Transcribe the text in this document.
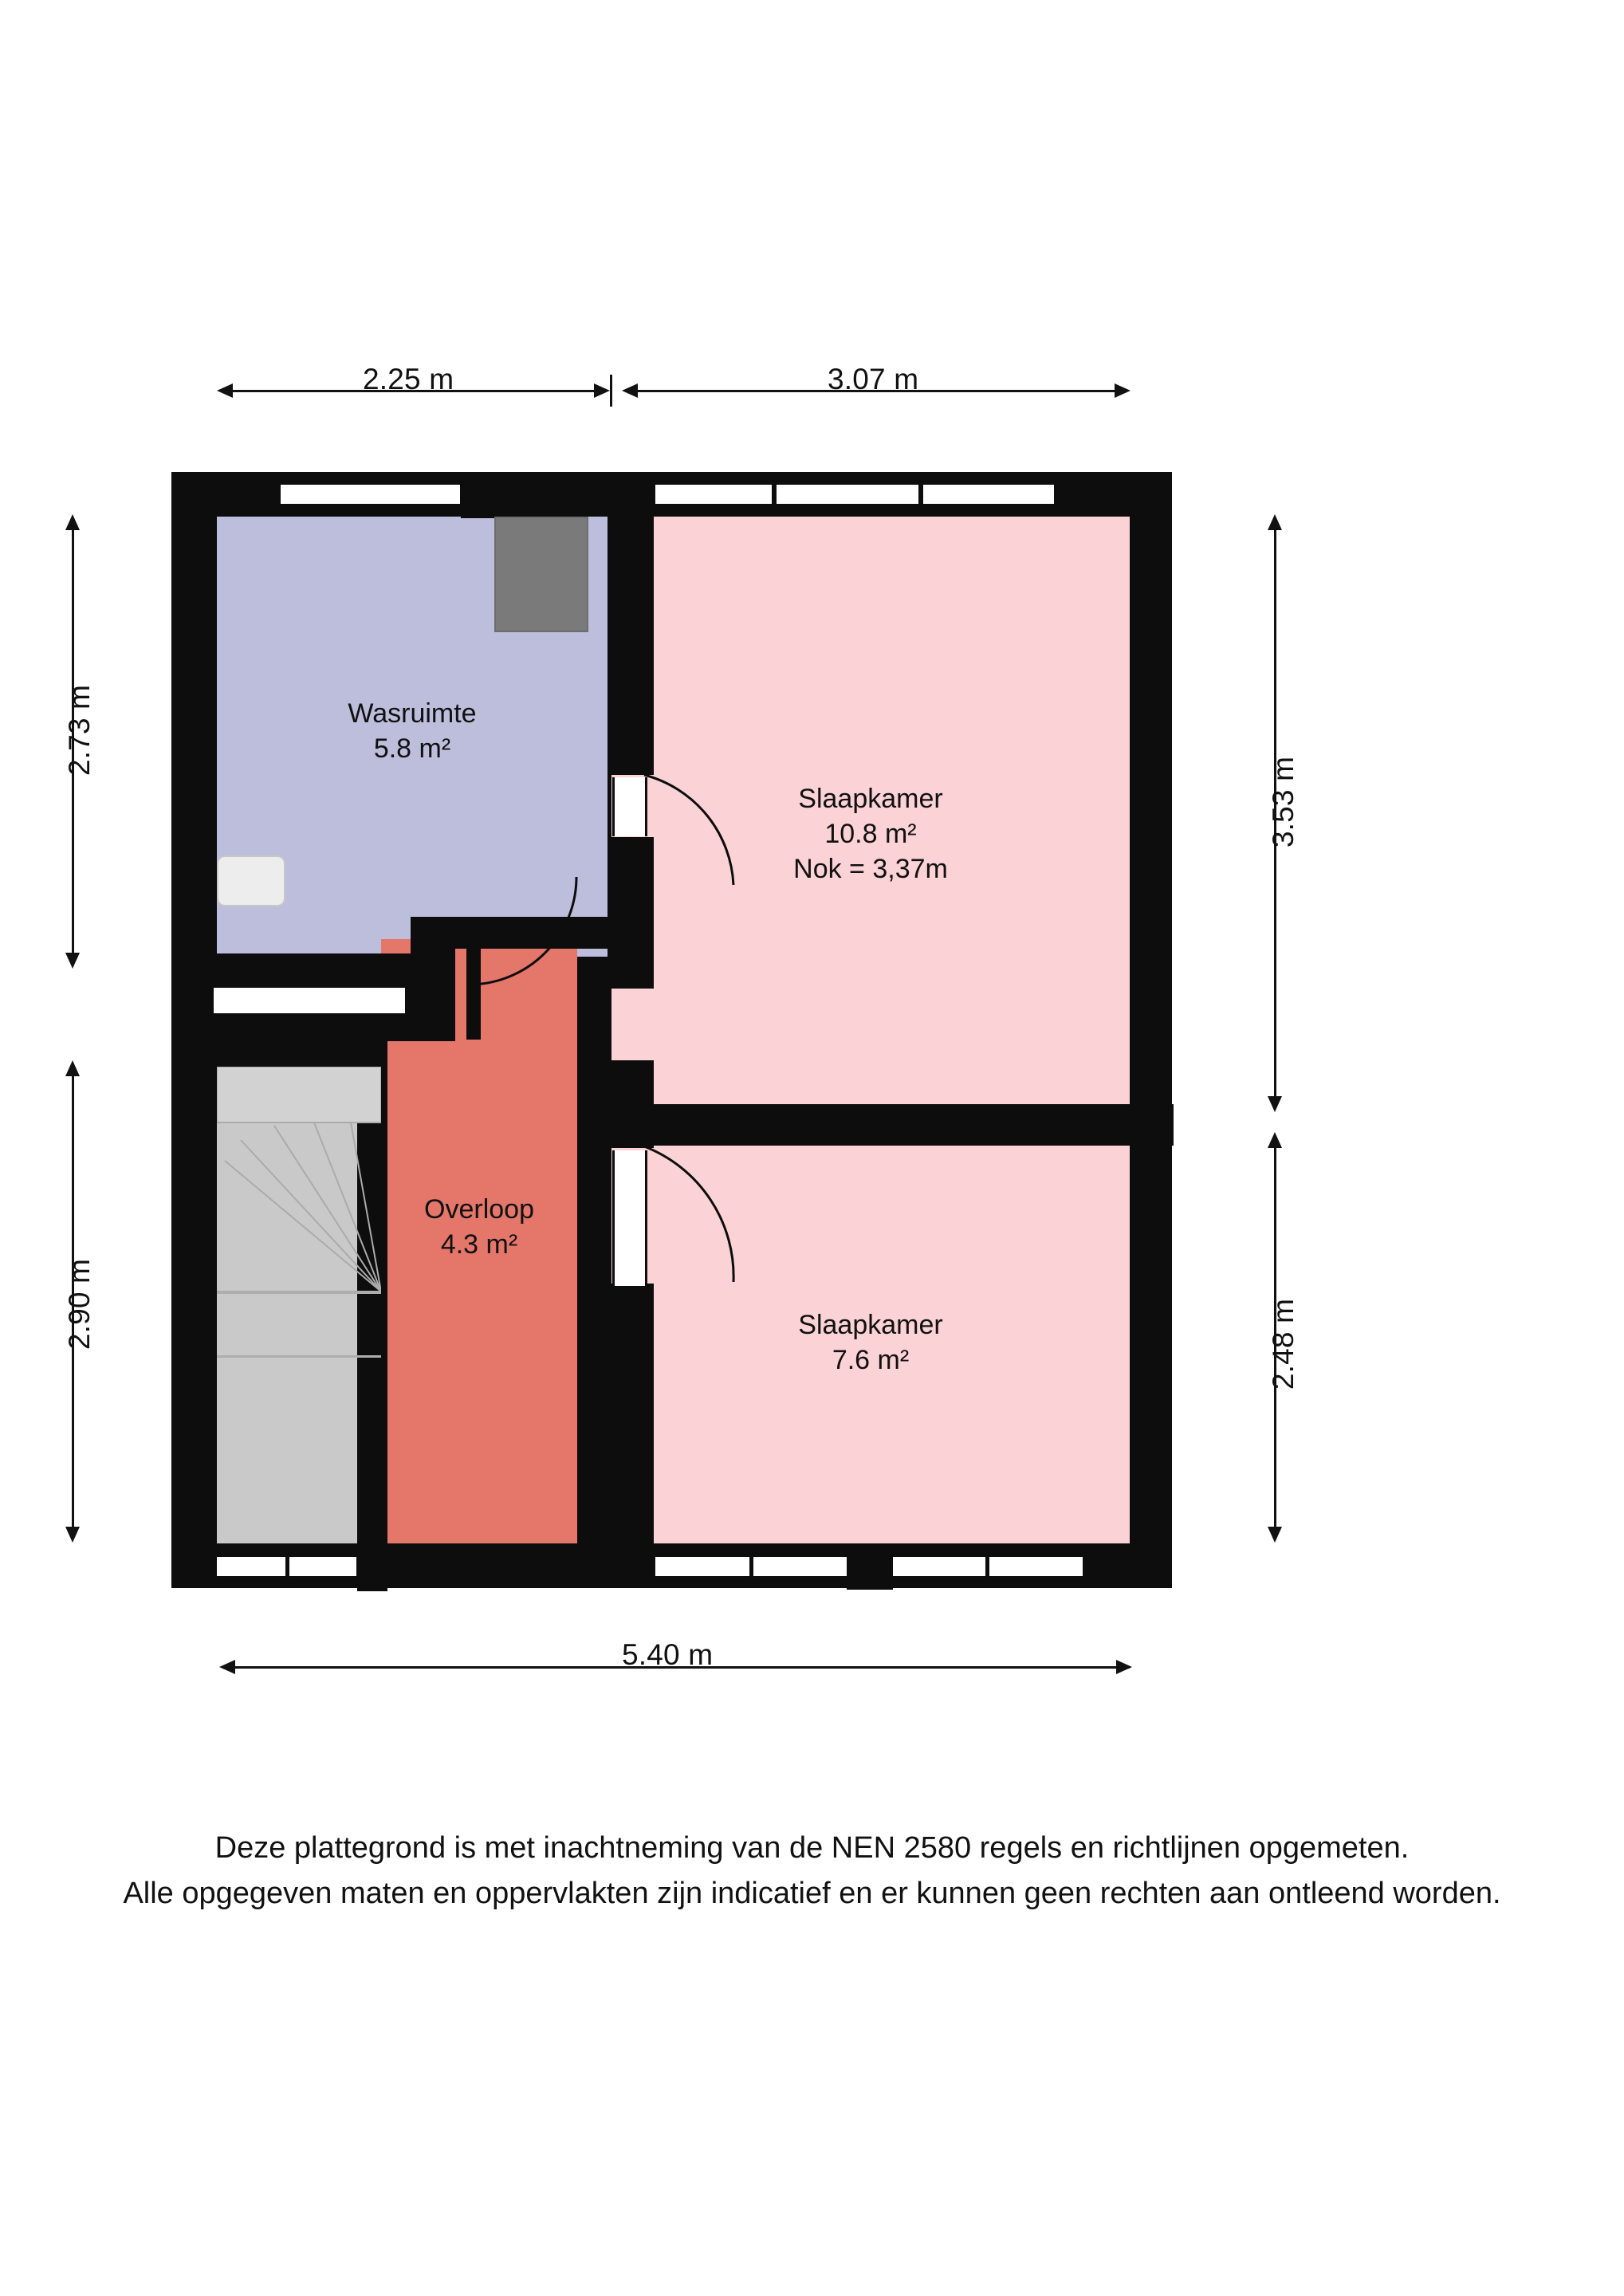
2.25 m	3.07 m
2.73 m
2.90 m
3.53 m
2.48 m
5.40 m
Wasruimte
5.8 m²
Slaapkamer
10.8 m²
Nok = 3,37m
Overloop
4.3 m²
Slaapkamer
7.6 m²
Deze plattegrond is met inachtneming van de NEN 2580 regels en richtlijnen opgemeten.
Alle opgegeven maten en oppervlakten zijn indicatief en er kunnen geen rechten aan ontleend worden.
